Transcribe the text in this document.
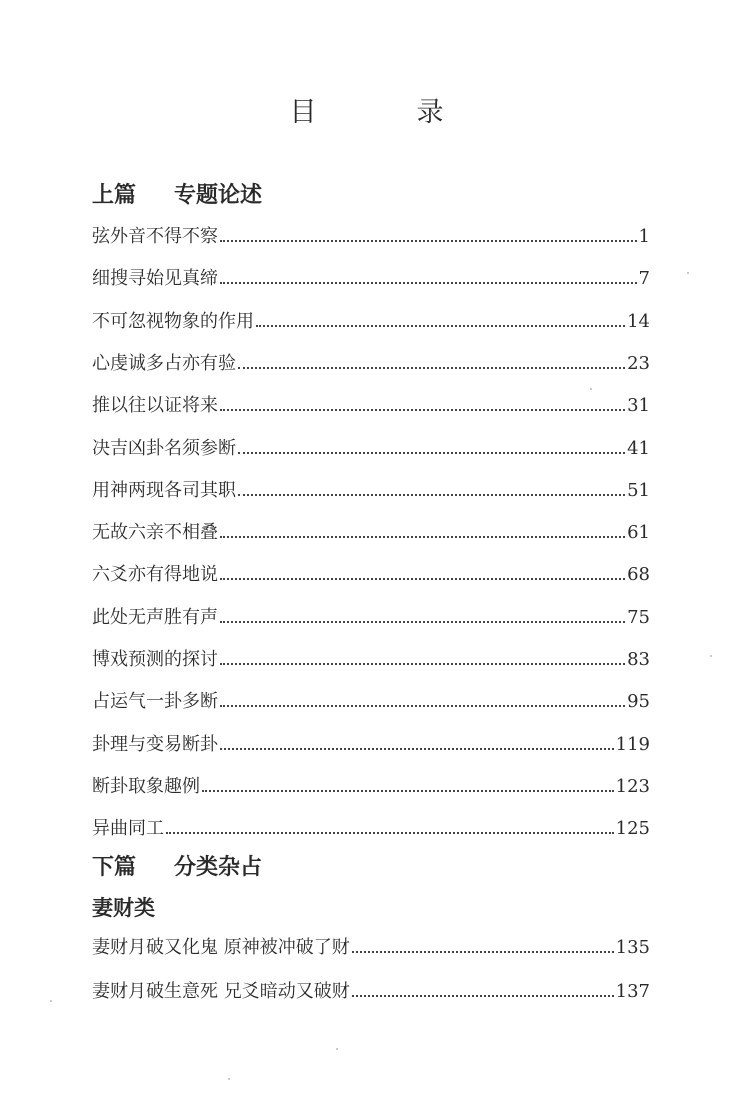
目	录
上篇 专题论述
弦外音不得不察	1
细搜寻始见真缔	7
不可忽视物象的作用	14
心虔诚多占亦有验	23
推以往以证将来	31
决吉凶卦名须参断	41
用神两现各司其职	51
无故六亲不相叠	61
六爻亦有得地说	68
此处无声胜有声	75
博戏预测的探讨	83
占运气一卦多断	95
卦理与变易断卦	119
断卦取象趣例	123
异曲同工	125
下篇 分类杂占
妻财类
妻财月破又化鬼 原神被冲破了财	135
妻财月破生意死 兄爻暗动又破财	137
